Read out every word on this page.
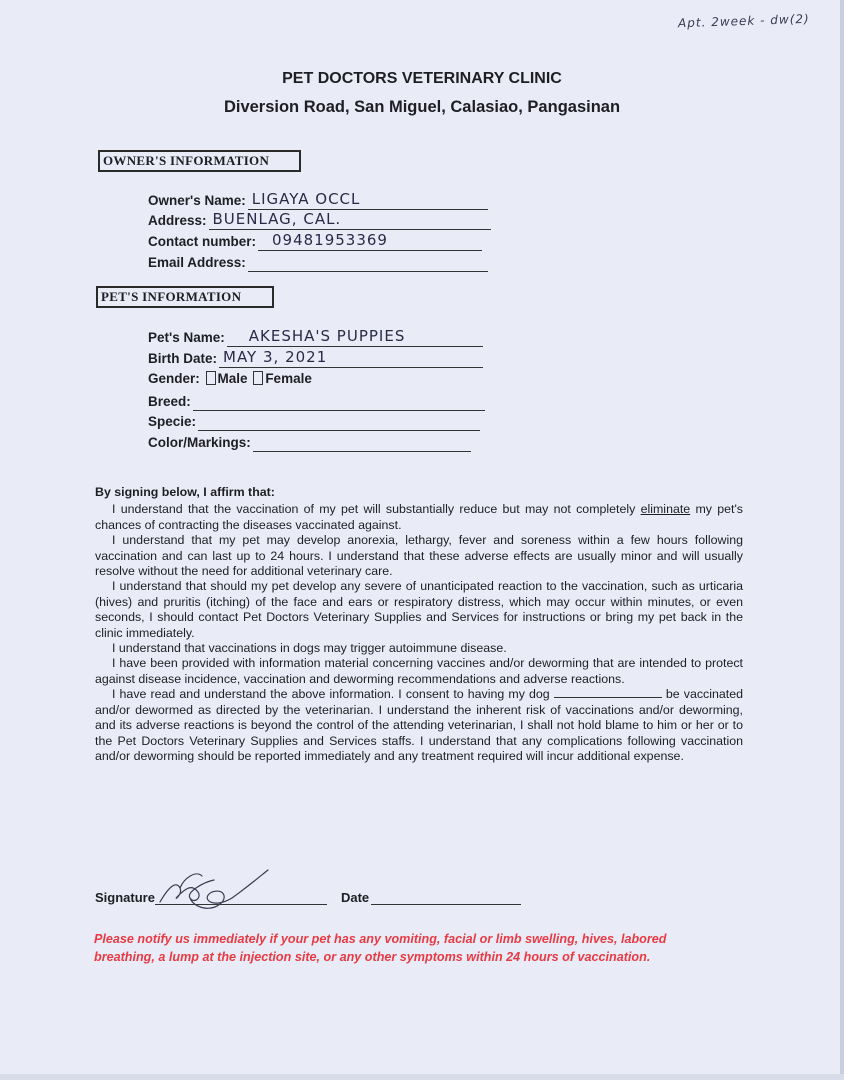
Apt. 2week - dw(2)
PET DOCTORS VETERINARY CLINIC
Diversion Road, San Miguel, Calasiao, Pangasinan
OWNER'S INFORMATION
Owner's Name: LIGAYA OCCL
Address: BUENLAG, CAL.
Contact number: 09481953369
Email Address:
PET'S INFORMATION
Pet's Name: AKESHA'S PUPPIES
Birth Date: MAY 3, 2021
Gender: Male Female
Breed:
Specie:
Color/Markings:

By signing below, I affirm that:

I understand that the vaccination of my pet will substantially reduce but may not completely eliminate my pet's chances of contracting the diseases vaccinated against.

I understand that my pet may develop anorexia, lethargy, fever and soreness within a few hours following vaccination and can last up to 24 hours. I understand that these adverse effects are usually minor and will usually resolve without the need for additional veterinary care.

I understand that should my pet develop any severe of unanticipated reaction to the vaccination, such as urticaria (hives) and pruritis (itching) of the face and ears or respiratory distress, which may occur within minutes, or even seconds, I should contact Pet Doctors Veterinary Supplies and Services for instructions or bring my pet back in the clinic immediately.

I understand that vaccinations in dogs may trigger autoimmune disease.

I have been provided with information material concerning vaccines and/or deworming that are intended to protect against disease incidence, vaccination and deworming recommendations and adverse reactions.

I have read and understand the above information. I consent to having my dog	be vaccinated and/or dewormed as directed by the veterinarian. I understand the inherent risk of vaccinations and/or deworming, and its adverse reactions is beyond the control of the attending veterinarian, I shall not hold blame to him or her or to the Pet Doctors Veterinary Supplies and Services staffs. I understand that any complications following vaccination and/or deworming should be reported immediately and any treatment required will incur additional expense.

Signature	Date
Please notify us immediately if your pet has any vomiting, facial or limb swelling, hives, labored breathing, a lump at the injection site, or any other symptoms within 24 hours of vaccination.
